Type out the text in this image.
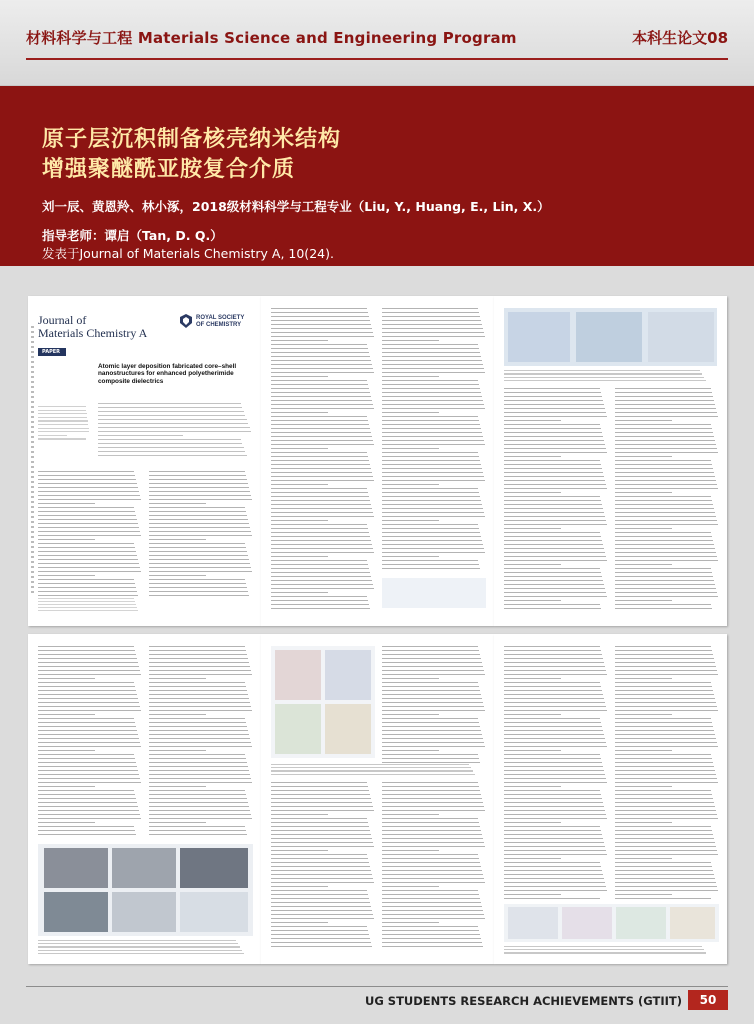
材料科学与工程 Materials Science and Engineering Program	本科生论文08
原子层沉积制备核壳纳米结构
增强聚醚酰亚胺复合介质
刘一辰、黄恩羚、林小涿，2018级材料科学与工程专业（Liu, Y., Huang, E., Lin, X.）
指导老师：谭启（Tan, D. Q.）
发表于Journal of Materials Chemistry A, 10(24).
Journal of
Materials Chemistry A
ROYAL SOCIETY
OF CHEMISTRY
PAPER
Atomic layer deposition fabricated core–shell nanostructures for enhanced polyetherimide composite dielectrics
UG STUDENTS RESEARCH ACHIEVEMENTS (GTIIT)	50
